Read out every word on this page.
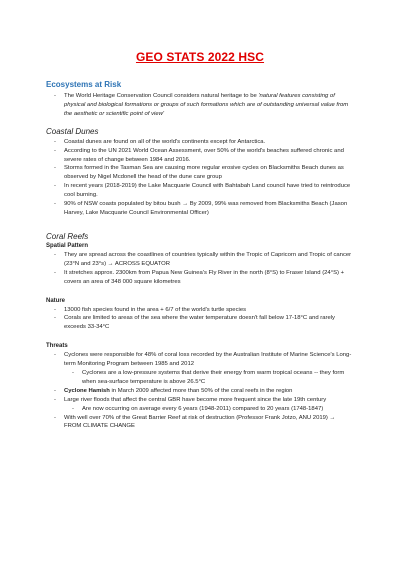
GEO STATS 2022 HSC
Ecosystems at Risk
- The World Heritage Conservation Council considers natural heritage to be 'natural features consisting of physical and biological formations or groups of such formations which are of outstanding universal value from the aesthetic or scientific point of view'
Coastal Dunes
- Coastal dunes are found on all of the world's continents except for Antarctica.
- According to the UN 2021 World Ocean Assessment, over 50% of the world's beaches suffered chronic and severe rates of change between 1984 and 2016.
- Storms formed in the Tasman Sea are causing more regular erosive cycles on Blacksmiths Beach dunes as observed by Nigel Mcdonell the head of the dune care group
- In recent years (2018-2019) the Lake Macquarie Council with Bahtabah Land council have tried to reintroduce cool burning.
- 90% of NSW coasts populated by bitou bush → By 2009, 99% was removed from Blacksmiths Beach (Jason Harvey, Lake Macquarie Council Environmental Officer)
Coral Reefs
Spatial Pattern
- They are spread across the coastlines of countries typically within the Tropic of Capricorn and Tropic of cancer (23°N and 23°s) → ACROSS EQUATOR
- It stretches approx. 2300km from Papua New Guinea's Fly River in the north (8°S) to Fraser Island (24°S) + covers an area of 348 000 square kilometres
Nature
- 13000 fish species found in the area + 6/7 of the world's turtle species
- Corals are limited to areas of the sea where the water temperature doesn't fall below 17-18°C and rarely exceeds 33-34°C
Threats
- Cyclones were responsible for 48% of coral loss recorded by the Australian Institute of Marine Science's Long-term Monitoring Program between 1985 and 2012
- Cyclones are a low-pressure systems that derive their energy from warm tropical oceans -- they form when sea-surface temperature is above 26.5°C
- Cyclone Hamish in March 2009 affected more than 50% of the coral reefs in the region
- Large river floods that affect the central GBR have become more frequent since the late 19th century
- Are now occurring on average every 6 years (1948-2011) compared to 20 years (1748-1847)
- With well over 70% of the Great Barrier Reef at risk of destruction (Professor Frank Jotzo, ANU 2019) → FROM CLIMATE CHANGE
